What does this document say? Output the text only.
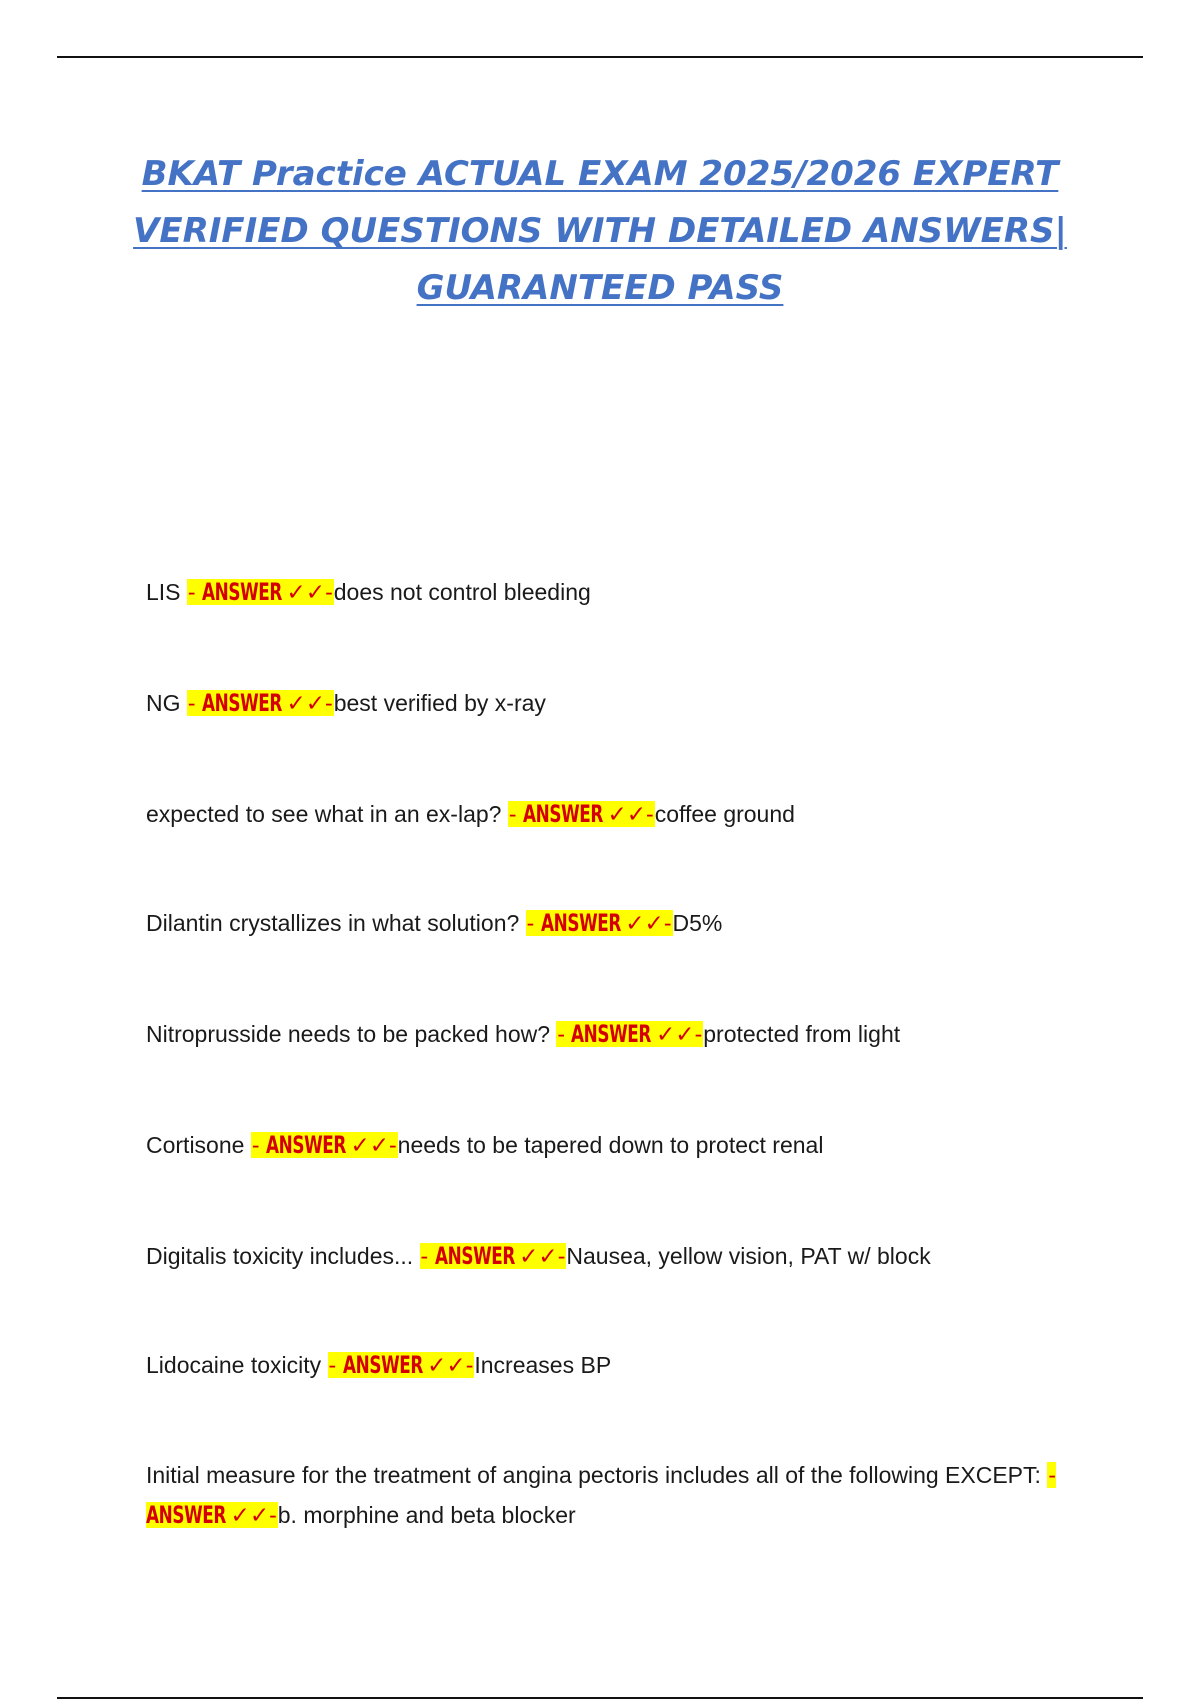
BKAT Practice ACTUAL EXAM 2025/2026 EXPERT
VERIFIED QUESTIONS WITH DETAILED ANSWERS|
GUARANTEED PASS
LIS - ANSWER ✓✓-does not control bleeding
NG - ANSWER ✓✓-best verified by x-ray
expected to see what in an ex-lap? - ANSWER ✓✓-coffee ground
Dilantin crystallizes in what solution? - ANSWER ✓✓-D5%
Nitroprusside needs to be packed how? - ANSWER ✓✓-protected from light
Cortisone - ANSWER ✓✓-needs to be tapered down to protect renal
Digitalis toxicity includes... - ANSWER ✓✓-Nausea, yellow vision, PAT w/ block
Lidocaine toxicity - ANSWER ✓✓-Increases BP
Initial measure for the treatment of angina pectoris includes all of the following EXCEPT: - ANSWER ✓✓-b. morphine and beta blocker
